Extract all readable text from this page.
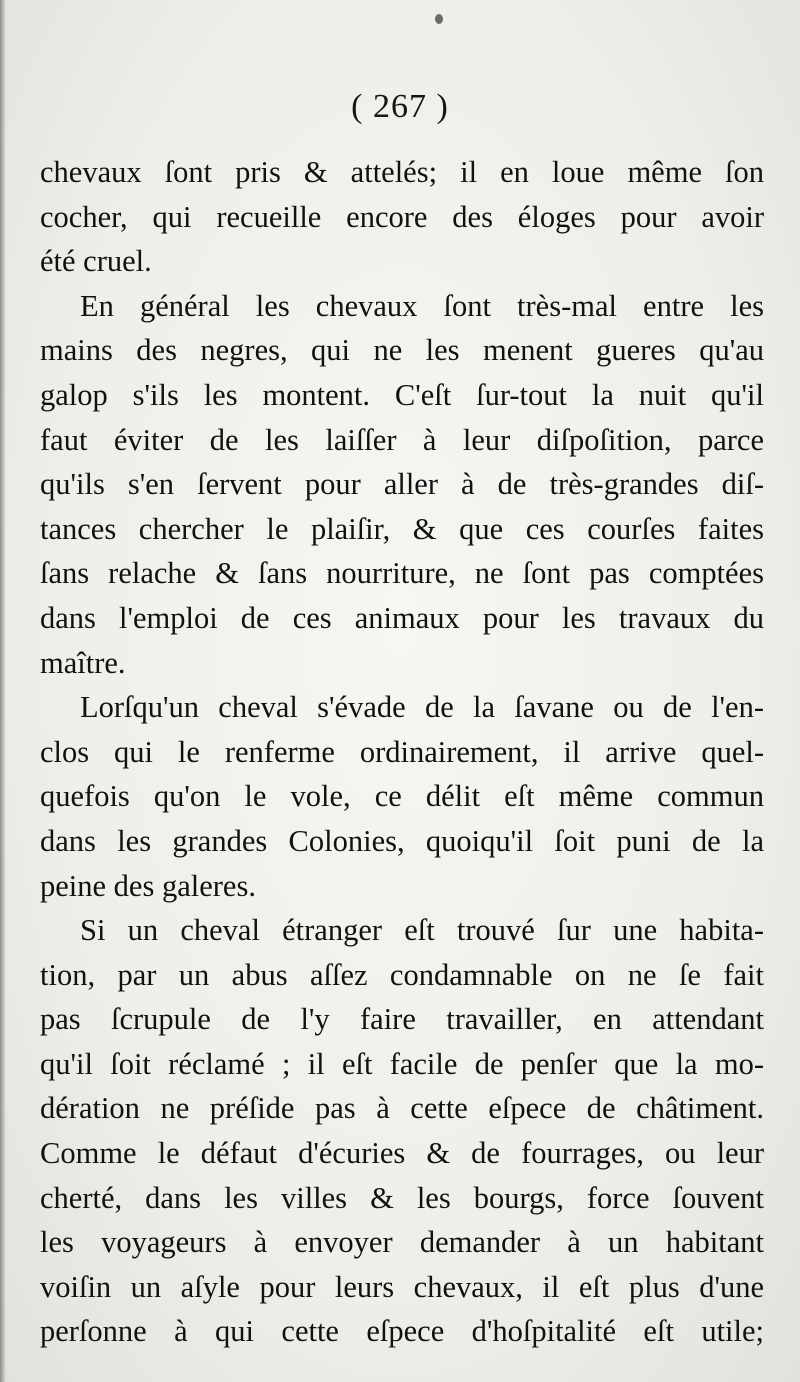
( 267 )
chevaux ſont pris & attelés; il en loue même ſon
cocher, qui recueille encore des éloges pour avoir
été cruel.
En général les chevaux ſont très-mal entre les
mains des negres, qui ne les menent gueres qu'au
galop s'ils les montent. C'eſt ſur-tout la nuit qu'il
faut éviter de les laiſſer à leur diſpoſition, parce
qu'ils s'en ſervent pour aller à de très-grandes diſ-
tances chercher le plaiſir, & que ces courſes faites
ſans relache & ſans nourriture, ne ſont pas comptées
dans l'emploi de ces animaux pour les travaux du
maître.
Lorſqu'un cheval s'évade de la ſavane ou de l'en-
clos qui le renferme ordinairement, il arrive quel-
quefois qu'on le vole, ce délit eſt même commun
dans les grandes Colonies, quoiqu'il ſoit puni de la
peine des galeres.
Si un cheval étranger eſt trouvé ſur une habita-
tion, par un abus aſſez condamnable on ne ſe fait
pas ſcrupule de l'y faire travailler, en attendant
qu'il ſoit réclamé ; il eſt facile de penſer que la mo-
dération ne préſide pas à cette eſpece de châtiment.
Comme le défaut d'écuries & de fourrages, ou leur
cherté, dans les villes & les bourgs, force ſouvent
les voyageurs à envoyer demander à un habitant
voiſin un aſyle pour leurs chevaux, il eſt plus d'une
perſonne à qui cette eſpece d'hoſpitalité eſt utile;
